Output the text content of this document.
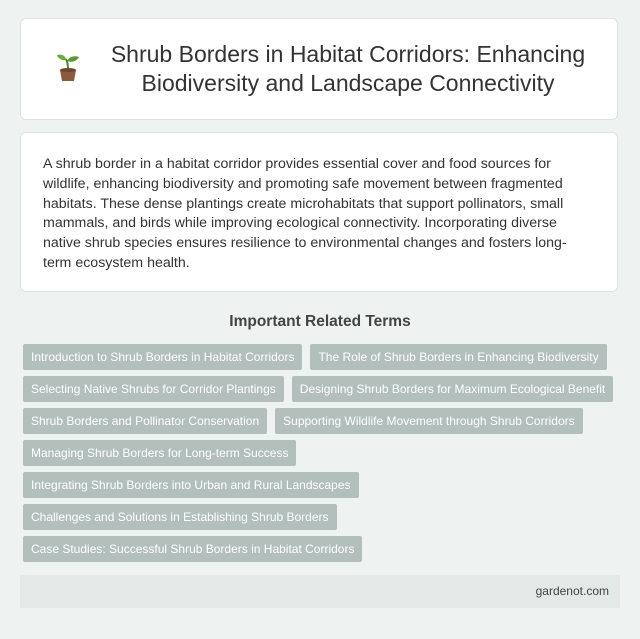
Shrub Borders in Habitat Corridors: Enhancing Biodiversity and Landscape Connectivity

A shrub border in a habitat corridor provides essential cover and food sources for wildlife, enhancing biodiversity and promoting safe movement between fragmented habitats. These dense plantings create microhabitats that support pollinators, small mammals, and birds while improving ecological connectivity. Incorporating diverse native shrub species ensures resilience to environmental changes and fosters long-term ecosystem health.

Important Related Terms
Introduction to Shrub Borders in Habitat Corridors	The Role of Shrub Borders in Enhancing Biodiversity
Selecting Native Shrubs for Corridor Plantings	Designing Shrub Borders for Maximum Ecological Benefit
Shrub Borders and Pollinator Conservation	Supporting Wildlife Movement through Shrub Corridors
Managing Shrub Borders for Long-term Success
Integrating Shrub Borders into Urban and Rural Landscapes
Challenges and Solutions in Establishing Shrub Borders
Case Studies: Successful Shrub Borders in Habitat Corridors
gardenot.com
